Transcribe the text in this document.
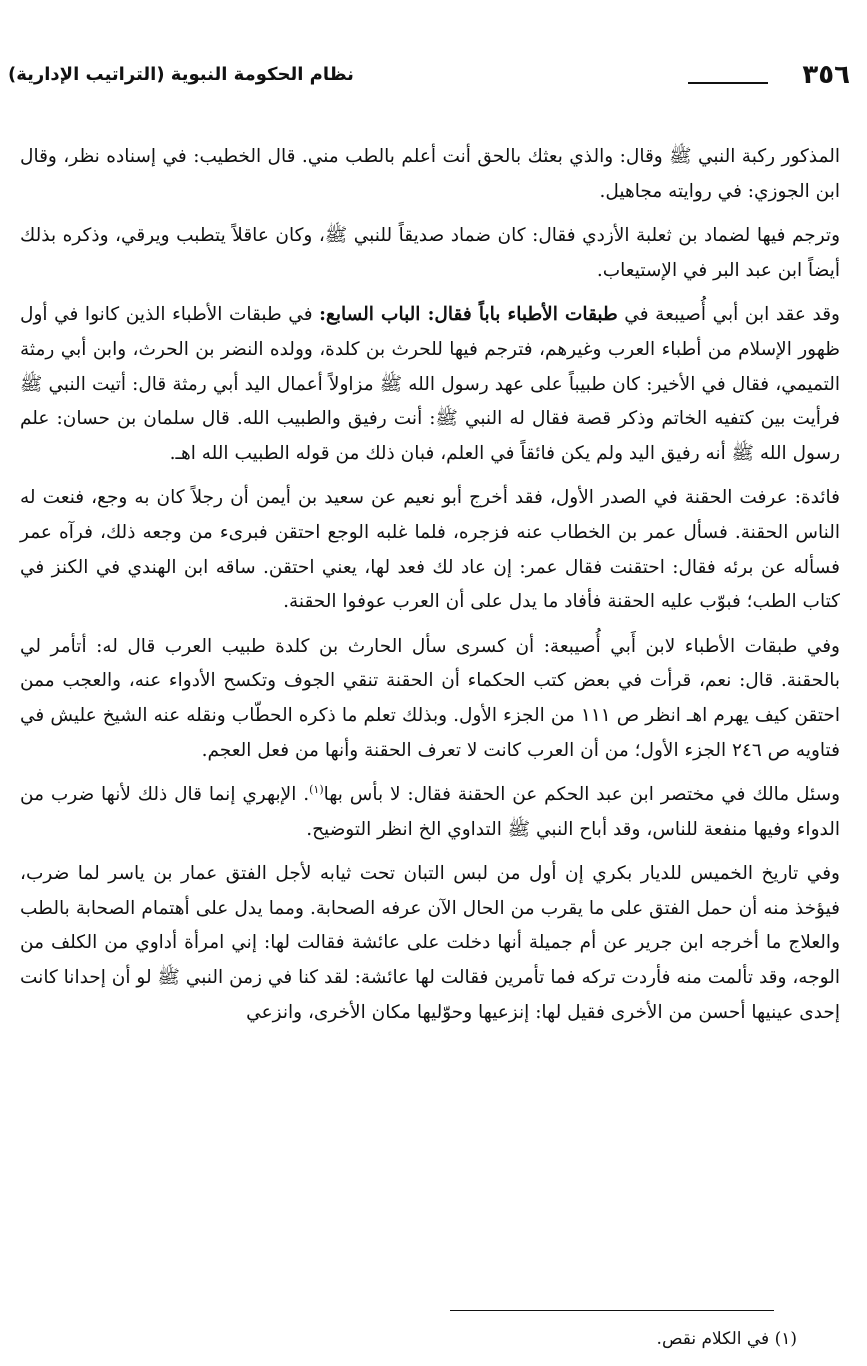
٣٥٦
نظام الحكومة النبوية (التراتيب الإدارية)

المذكور ركبة النبي ﷺ وقال: والذي بعثك بالحق أنت أعلم بالطب مني. قال الخطيب: في إسناده نظر، وقال ابن الجوزي: في روايته مجاهيل.

وترجم فيها لضماد بن ثعلبة الأزدي فقال: كان ضماد صديقاً للنبي ﷺ، وكان عاقلاً يتطبب ويرقي، وذكره بذلك أيضاً ابن عبد البر في الإستيعاب.

وقد عقد ابن أبي أُصيبعة في طبقات الأطباء باباً فقال: الباب السابع: في طبقات الأطباء الذين كانوا في أول ظهور الإسلام من أطباء العرب وغيرهم، فترجم فيها للحرث بن كلدة، وولده النضر بن الحرث، وابن أبي رمثة التميمي، فقال في الأخير: كان طبيباً على عهد رسول الله ﷺ مزاولاً أعمال اليد أبي رمثة قال: أتيت النبي ﷺ فرأيت بين كتفيه الخاتم وذكر قصة فقال له النبي ﷺ: أنت رفيق والطبيب الله. قال سلمان بن حسان: علم رسول الله ﷺ أنه رفيق اليد ولم يكن فائقاً في العلم، فبان ذلك من قوله الطبيب الله اهـ.

فائدة: عرفت الحقنة في الصدر الأول، فقد أخرج أبو نعيم عن سعيد بن أيمن أن رجلاً كان به وجع، فنعت له الناس الحقنة. فسأل عمر بن الخطاب عنه فزجره، فلما غلبه الوجع احتقن فبرىء من وجعه ذلك، فرآه عمر فسأله عن برئه فقال: احتقنت فقال عمر: إن عاد لك فعد لها، يعني احتقن. ساقه ابن الهندي في الكنز في كتاب الطب؛ فبوّب عليه الحقنة فأفاد ما يدل على أن العرب عوفوا الحقنة.

وفي طبقات الأطباء لابن أَبي أُصيبعة: أن كسرى سأل الحارث بن كلدة طبيب العرب قال له: أتأمر لي بالحقنة. قال: نعم، قرأت في بعض كتب الحكماء أن الحقنة تنقي الجوف وتكسح الأدواء عنه، والعجب ممن احتقن كيف يهرم اهـ انظر ص ١١١ من الجزء الأول. وبذلك تعلم ما ذكره الحطّاب ونقله عنه الشيخ عليش في فتاويه ص ٢٤٦ الجزء الأول؛ من أن العرب كانت لا تعرف الحقنة وأنها من فعل العجم.

وسئل مالك في مختصر ابن عبد الحكم عن الحقنة فقال: لا بأس بها$^{(١)}$. الإبهري إنما قال ذلك لأنها ضرب من الدواء وفيها منفعة للناس، وقد أباح النبي ﷺ التداوي الخ انظر التوضيح.

وفي تاريخ الخميس للديار بكري إن أول من لبس التبان تحت ثيابه لأجل الفتق عمار بن ياسر لما ضرب، فيؤخذ منه أن حمل الفتق على ما يقرب من الحال الآن عرفه الصحابة. ومما يدل على أهتمام الصحابة بالطب والعلاج ما أخرجه ابن جرير عن أم جميلة أنها دخلت على عائشة فقالت لها: إني امرأة أداوي من الكلف من الوجه، وقد تألمت منه فأردت تركه فما تأمرين فقالت لها عائشة: لقد كنا في زمن النبي ﷺ لو أن إحدانا كانت إحدى عينيها أحسن من الأخرى فقيل لها: إنزعيها وحوّليها مكان الأخرى، وانزعي

(١) في الكلام نقص.
